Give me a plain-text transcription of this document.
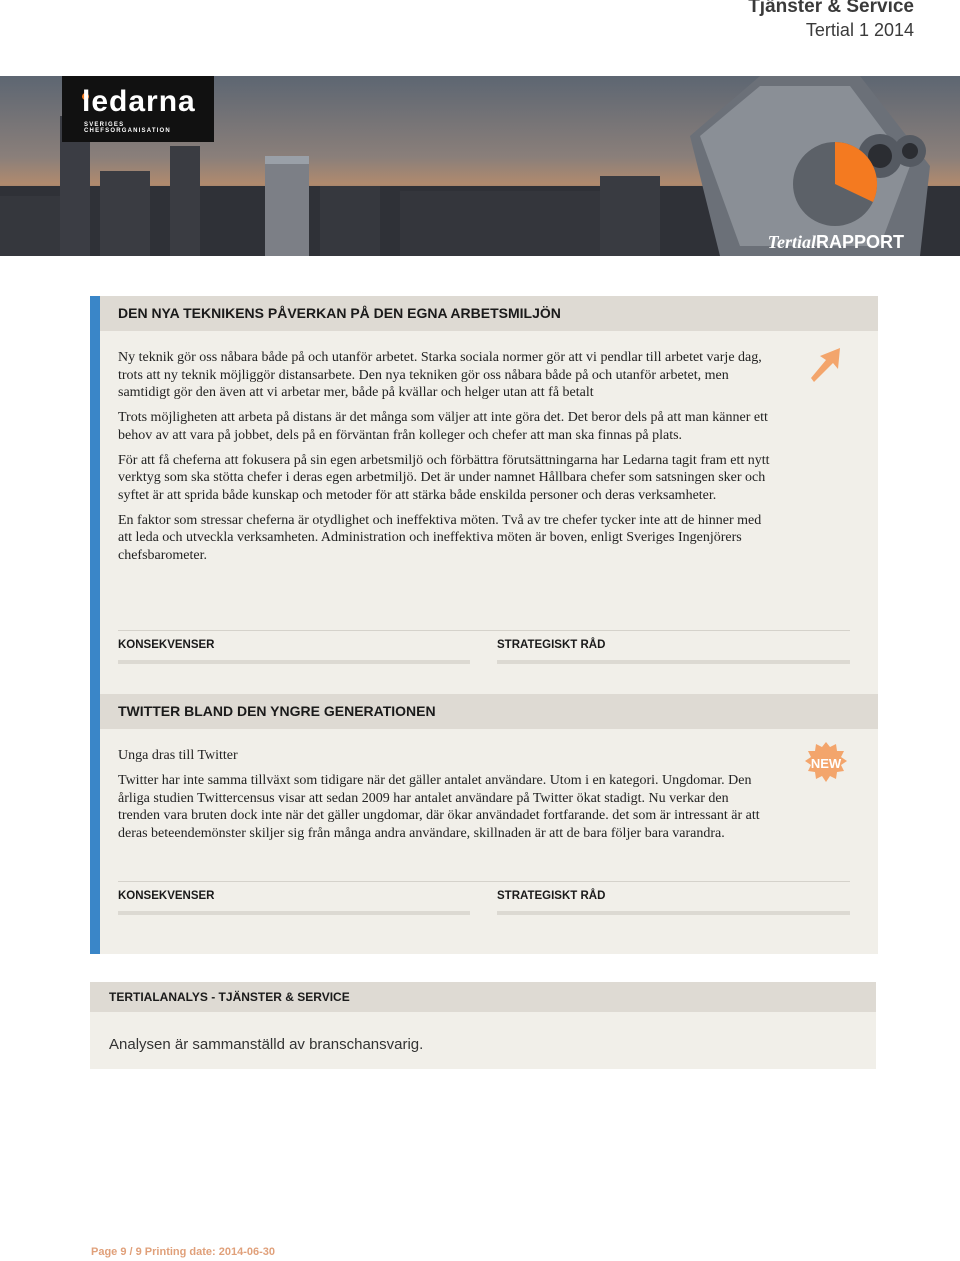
Tjänster & Service
Tertial 1 2014
ledarna
SVERIGES CHEFSORGANISATION
TertialRAPPORT
DEN NYA TEKNIKENS PÅVERKAN PÅ DEN EGNA ARBETSMILJÖN

Ny teknik gör oss nåbara både på och utanför arbetet. Starka sociala normer gör att vi pendlar till arbetet varje dag, trots att ny teknik möjliggör distansarbete. Den nya tekniken gör oss nåbara både på och utanför arbetet, men samtidigt gör den även att vi arbetar mer, både på kvällar och helger utan att få betalt

Trots möjligheten att arbeta på distans är det många som väljer att inte göra det. Det beror dels på att man känner ett behov av att vara på jobbet, dels på en förväntan från kolleger och chefer att man ska finnas på plats.

För att få cheferna att fokusera på sin egen arbetsmiljö och förbättra förutsättningarna har Ledarna tagit fram ett nytt verktyg som ska stötta chefer i deras egen arbetmiljö. Det är under namnet Hållbara chefer som satsningen sker och syftet är att sprida både kunskap och metoder för att stärka både enskilda personer och deras verksamheter.

En faktor som stressar cheferna är otydlighet och ineffektiva möten. Två av tre chefer tycker inte att de hinner med att leda och utveckla verksamheten. Administration och ineffektiva möten är boven, enligt Sveriges Ingenjörers chefsbarometer.

KONSEKVENSER	STRATEGISKT RÅD
TWITTER BLAND DEN YNGRE GENERATIONEN

Unga dras till Twitter

Twitter har inte samma tillväxt som tidigare när det gäller antalet användare. Utom i en kategori. Ungdomar. Den årliga studien Twittercensus visar att sedan 2009 har antalet användare på Twitter ökat stadigt. Nu verkar den trenden vara bruten dock inte när det gäller ungdomar, där ökar användadet fortfarande. det som är intressant är att deras beteendemönster skiljer sig från många andra användare, skillnaden är att de bara följer bara varandra.

NEW
KONSEKVENSER	STRATEGISKT RÅD
TERTIALANALYS - TJÄNSTER & SERVICE
Analysen är sammanställd av branschansvarig.
Page 9 / 9 Printing date: 2014-06-30
